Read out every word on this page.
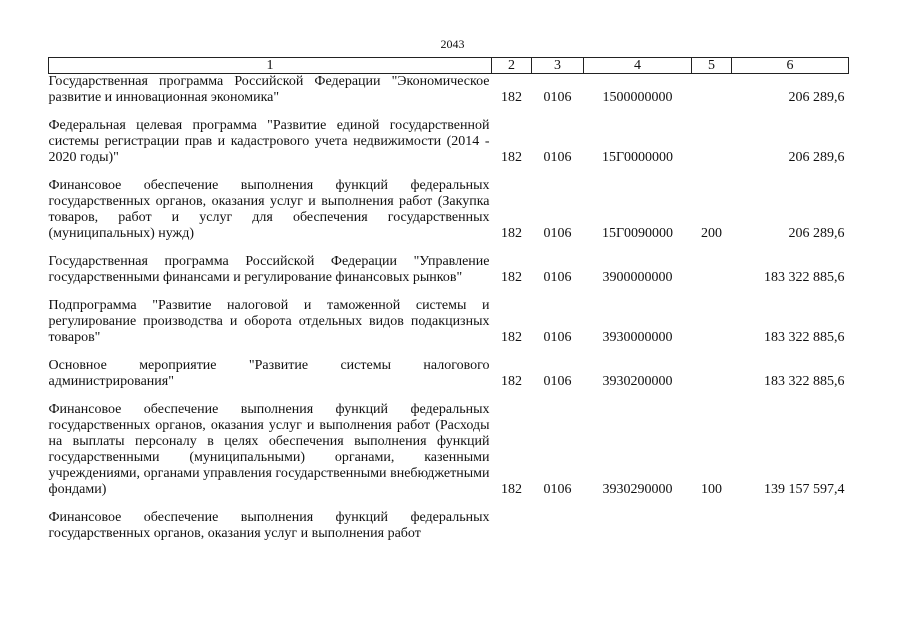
2043
1	2	3	4	5	6
Государственная программа Российской Федерации "Экономическое развитие и инновационная экономика"	182	0106	1500000000		206 289,6

Федеральная целевая программа "Развитие единой государственной системы регистрации прав и кадастрового учета недвижимости (2014 - 2020 годы)"	182	0106	15Г0000000		206 289,6

Финансовое обеспечение выполнения функций федеральных государственных органов, оказания услуг и выполнения работ (Закупка товаров, работ и услуг для обеспечения государственных (муниципальных) нужд)	182	0106	15Г0090000	200	206 289,6

Государственная программа Российской Федерации "Управление государственными финансами и регулирование финансовых рынков"	182	0106	3900000000		183 322 885,6

Подпрограмма "Развитие налоговой и таможенной системы и регулирование производства и оборота отдельных видов подакцизных товаров"	182	0106	3930000000		183 322 885,6

Основное мероприятие "Развитие системы налогового администрирования"	182	0106	3930200000		183 322 885,6

Финансовое обеспечение выполнения функций федеральных государственных органов, оказания услуг и выполнения работ (Расходы на выплаты персоналу в целях обеспечения выполнения функций государственными (муниципальными) органами, казенными учреждениями, органами управления государственными внебюджетными фондами)	182	0106	3930290000	100	139 157 597,4

Финансовое обеспечение выполнения функций федеральных государственных органов, оказания услуг и выполнения работ					
